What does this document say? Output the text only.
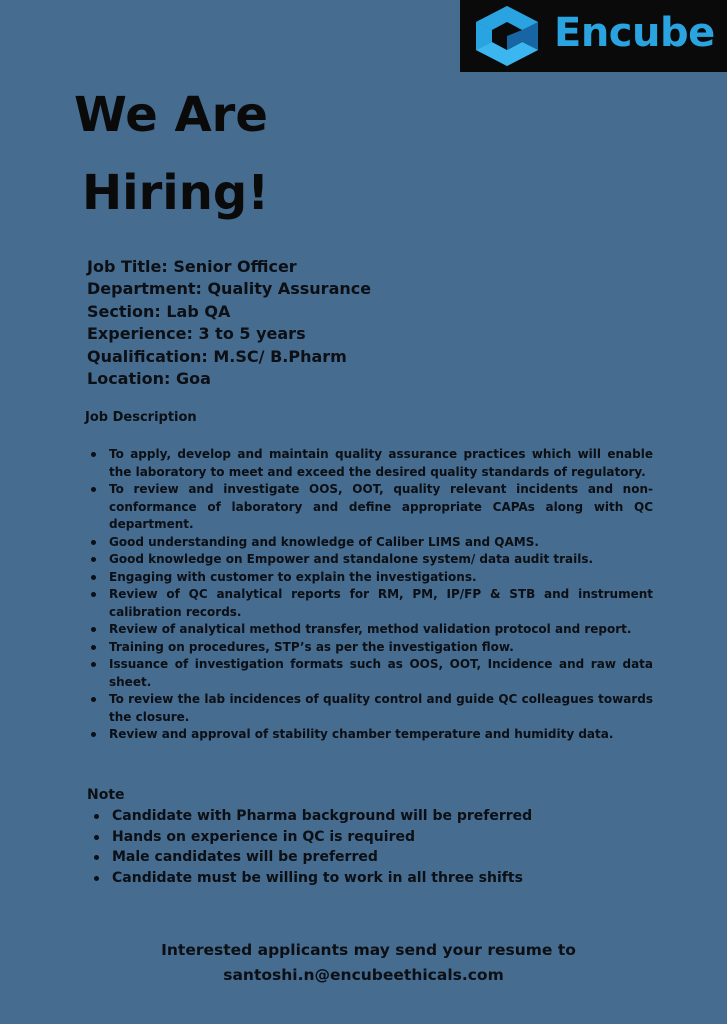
Encube
We Are
Hiring!
Job Title: Senior Officer
Department: Quality Assurance
Section: Lab QA
Experience: 3 to 5 years
Qualification: M.SC/ B.Pharm
Location: Goa
Job Description
To apply, develop and maintain quality assurance practices which will enable the laboratory to meet and exceed the desired quality standards of regulatory.
To review and investigate OOS, OOT, quality relevant incidents and non-conformance of laboratory and define appropriate CAPAs along with QC department.
Good understanding and knowledge of Caliber LIMS and QAMS.
Good knowledge on Empower and standalone system/ data audit trails.
Engaging with customer to explain the investigations.
Review of QC analytical reports for RM, PM, IP/FP & STB and instrument calibration records.
Review of analytical method transfer, method validation protocol and report.
Training on procedures, STP’s as per the investigation flow.
Issuance of investigation formats such as OOS, OOT, Incidence and raw data sheet.
To review the lab incidences of quality control and guide QC colleagues towards the closure.
Review and approval of stability chamber temperature and humidity data.
Note
Candidate with Pharma background will be preferred
Hands on experience in QC is required
Male candidates will be preferred
Candidate must be willing to work in all three shifts
Interested applicants may send your resume to
santoshi.n@encubeethicals.com
